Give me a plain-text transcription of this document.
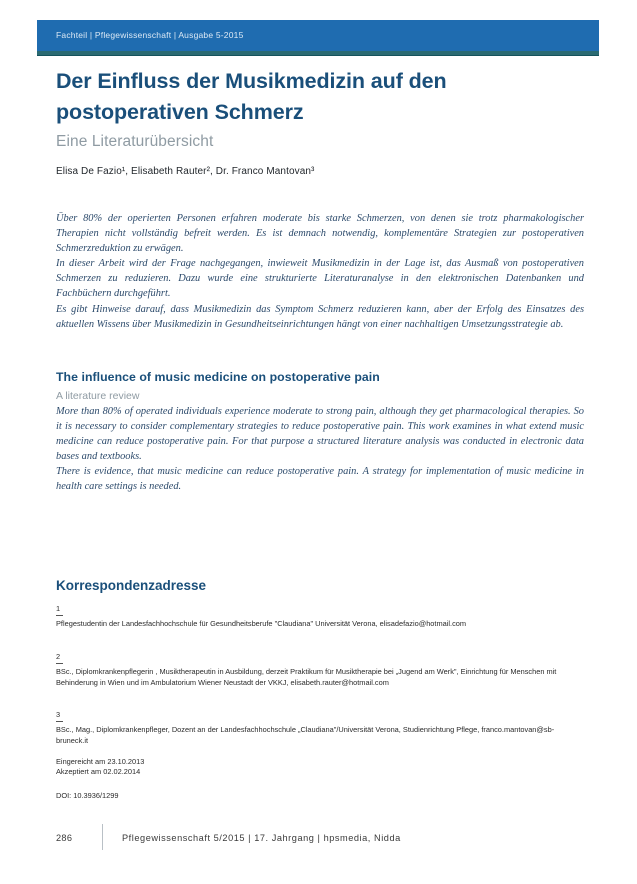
Fachteil | Pflegewissenschaft | Ausgabe 5-2015
Der Einfluss der Musikmedizin auf den postoperativen Schmerz
Eine Literaturübersicht
Elisa De Fazio¹, Elisabeth Rauter², Dr. Franco Mantovan³

Über 80% der operierten Personen erfahren moderate bis starke Schmerzen, von denen sie trotz pharmakologischer Therapien nicht vollständig befreit werden. Es ist demnach notwendig, komplementäre Strategien zur postoperativen Schmerzreduktion zu erwägen.

In dieser Arbeit wird der Frage nachgegangen, inwieweit Musikmedizin in der Lage ist, das Ausmaß von postoperativen Schmerzen zu reduzieren. Dazu wurde eine strukturierte Literaturanalyse in den elektronischen Datenbanken und Fachbüchern durchgeführt.

Es gibt Hinweise darauf, dass Musikmedizin das Symptom Schmerz reduzieren kann, aber der Erfolg des Einsatzes des aktuellen Wissens über Musikmedizin in Gesundheitseinrichtungen hängt von einer nachhaltigen Umsetzungsstrategie ab.

The influence of music medicine on postoperative pain
A literature review

More than 80% of operated individuals experience moderate to strong pain, although they get pharmacological therapies. So it is necessary to consider complementary strategies to reduce postoperative pain. This work examines in what extend music medicine can reduce postoperative pain. For that purpose a structured literature analysis was conducted in electronic data bases and textbooks.

There is evidence, that music medicine can reduce postoperative pain. A strategy for implementation of music medicine in health care settings is needed.

Korrespondenzadresse
1
Pflegestudentin der Landesfachhochschule für Gesundheitsberufe "Claudiana" Universität Verona, elisadefazio@hotmail.com
2
BSc., Diplomkrankenpflegerin , Musiktherapeutin in Ausbildung, derzeit Praktikum für Musiktherapie bei „Jugend am Werk", Einrichtung für Menschen mit Behinderung in Wien und im Ambulatorium Wiener Neustadt der VKKJ, elisabeth.rauter@hotmail.com
3
BSc., Mag., Diplomkrankenpfleger, Dozent an der Landesfachhochschule „Claudiana"/Universität Verona, Studienrichtung Pflege, franco.mantovan@sb-bruneck.it
Eingereicht am 23.10.2013
Akzeptiert am 02.02.2014
DOI: 10.3936/1299
286	Pflegewissenschaft 5/2015 | 17. Jahrgang | hpsmedia, Nidda
